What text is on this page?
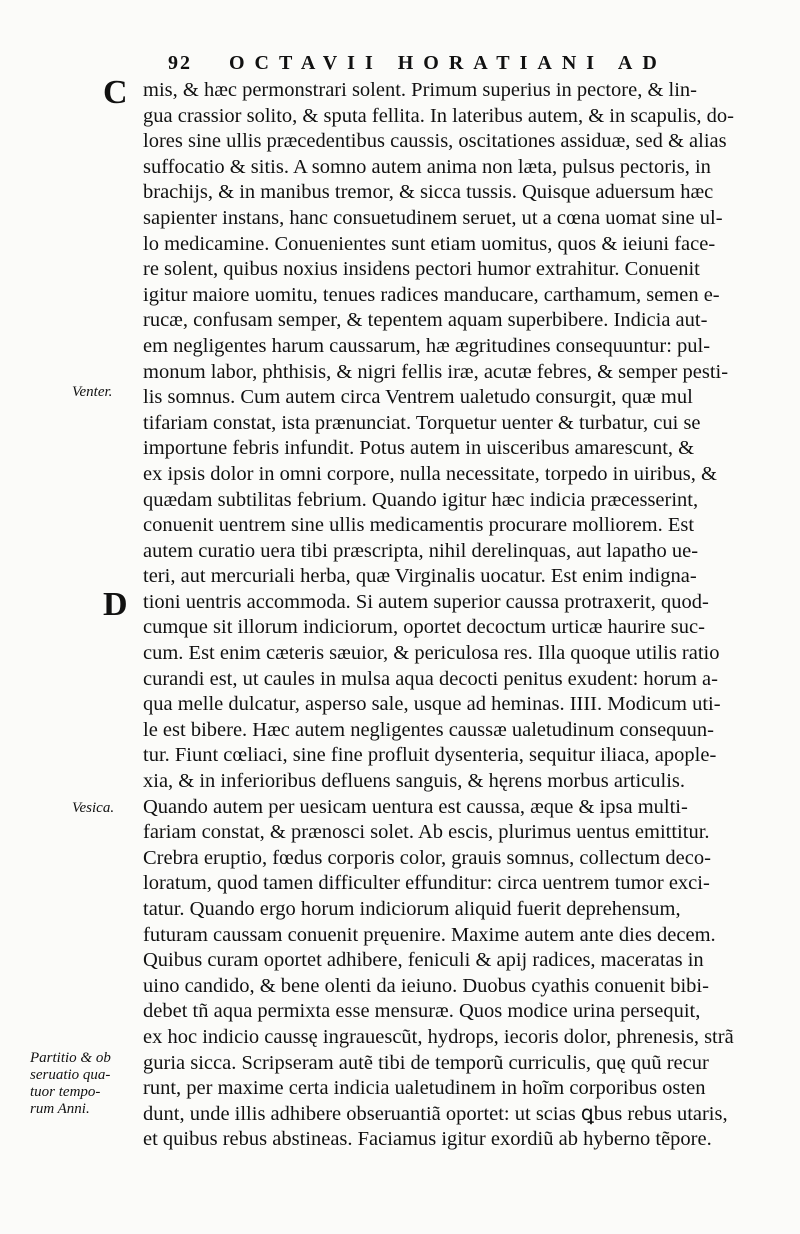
92 OCTAVII HORATIANI AD
C
D
Venter.
Vesica.
Partitio & ob
seruatio qua-
tuor tempo-
rum Anni.
mis, & hæc permonstrari solent. Primum superius in pectore, & lin-
gua crassior solito, & sputa fellita. In lateribus autem, & in scapulis, do-
lores sine ullis præcedentibus caussis, oscitationes assiduæ, sed & alias
suffocatio & sitis. A somno autem anima non læta, pulsus pectoris, in
brachijs, & in manibus tremor, & sicca tussis. Quisque aduersum hæc
sapienter instans, hanc consuetudinem seruet, ut a cœna uomat sine ul-
lo medicamine. Conuenientes sunt etiam uomitus, quos & ieiuni face-
re solent, quibus noxius insidens pectori humor extrahitur. Conuenit
igitur maiore uomitu, tenues radices manducare, carthamum, semen e-
rucæ, confusam semper, & tepentem aquam superbibere. Indicia aut-
em negligentes harum caussarum, hæ ægritudines consequuntur: pul-
monum labor, phthisis, & nigri fellis iræ, acutæ febres, & semper pesti-
lis somnus. Cum autem circa Ventrem ualetudo consurgit, quæ mul
tifariam constat, ista prænunciat. Torquetur uenter & turbatur, cui se
importune febris infundit. Potus autem in uisceribus amarescunt, &
ex ipsis dolor in omni corpore, nulla necessitate, torpedo in uiribus, &
quædam subtilitas febrium. Quando igitur hæc indicia præcesserint,
conuenit uentrem sine ullis medicamentis procurare molliorem. Est
autem curatio uera tibi præscripta, nihil derelinquas, aut lapatho ue-
teri, aut mercuriali herba, quæ Virginalis uocatur. Est enim indigna-
tioni uentris accommoda. Si autem superior caussa protraxerit, quod-
cumque sit illorum indiciorum, oportet decoctum urticæ haurire suc-
cum. Est enim cæteris sæuior, & periculosa res. Illa quoque utilis ratio
curandi est, ut caules in mulsa aqua decocti penitus exudent: horum a-
qua melle dulcatur, asperso sale, usque ad heminas. IIII. Modicum uti-
le est bibere. Hæc autem negligentes caussæ ualetudinum consequun-
tur. Fiunt cœliaci, sine fine profluit dysenteria, sequitur iliaca, apople-
xia, & in inferioribus defluens sanguis, & hęrens morbus articulis.
Quando autem per uesicam uentura est caussa, æque & ipsa multi-
fariam constat, & prænosci solet. Ab escis, plurimus uentus emittitur.
Crebra eruptio, fœdus corporis color, grauis somnus, collectum deco-
loratum, quod tamen difficulter effunditur: circa uentrem tumor exci-
tatur. Quando ergo horum indiciorum aliquid fuerit deprehensum,
futuram caussam conuenit pręuenire. Maxime autem ante dies decem.
Quibus curam oportet adhibere, feniculi & apij radices, maceratas in
uino candido, & bene olenti da ieiuno. Duobus cyathis conuenit bibi-
debet tñ aqua permixta esse mensuræ. Quos modice urina persequit,
ex hoc indicio caussę ingrauescũt, hydrops, iecoris dolor, phrenesis, strã
guria sicca. Scripseram autẽ tibi de temporũ curriculis, quę quũ recur
runt, per maxime certa indicia ualetudinem in hoĩm corporibus osten
dunt, unde illis adhibere obseruantiã oportet: ut scias ꝗbus rebus utaris,
et quibus rebus abstineas. Faciamus igitur exordiũ ab hyberno tẽpore.
